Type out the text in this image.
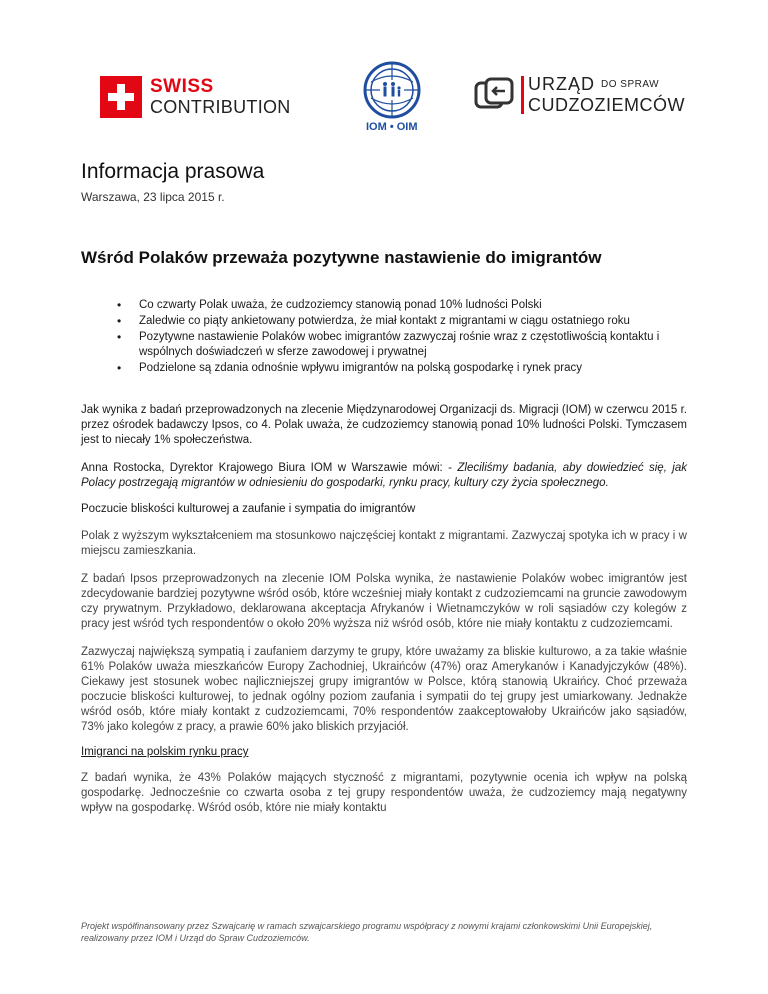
SWISS
CONTRIBUTION
IOM • OIM
URZĄD DO SPRAW
CUDZOZIEMCÓW
Informacja prasowa
Warszawa, 23 lipca 2015 r.
Wśród Polaków przeważa pozytywne nastawienie do imigrantów
• Co czwarty Polak uważa, że cudzoziemcy stanowią ponad 10% ludności Polski
• Zaledwie co piąty ankietowany potwierdza, że miał kontakt z migrantami w ciągu ostatniego roku
• Pozytywne nastawienie Polaków wobec imigrantów zazwyczaj rośnie wraz z częstotliwością kontaktu i wspólnych doświadczeń w sferze zawodowej i prywatnej
• Podzielone są zdania odnośnie wpływu imigrantów na polską gospodarkę i rynek pracy

Jak wynika z badań przeprowadzonych na zlecenie Międzynarodowej Organizacji ds. Migracji (IOM) w czerwcu 2015 r. przez ośrodek badawczy Ipsos, co 4. Polak uważa, że cudzoziemcy stanowią ponad 10% ludności Polski. Tymczasem jest to niecały 1% społeczeństwa.

Anna Rostocka, Dyrektor Krajowego Biura IOM w Warszawie mówi: - Zleciliśmy badania, aby dowiedzieć się, jak Polacy postrzegają migrantów w odniesieniu do gospodarki, rynku pracy, kultury czy życia społecznego.

Poczucie bliskości kulturowej a zaufanie i sympatia do imigrantów

Polak z wyższym wykształceniem ma stosunkowo najczęściej kontakt z migrantami. Zazwyczaj spotyka ich w pracy i w miejscu zamieszkania.

Z badań Ipsos przeprowadzonych na zlecenie IOM Polska wynika, że nastawienie Polaków wobec imigrantów jest zdecydowanie bardziej pozytywne wśród osób, które wcześniej miały kontakt z cudzoziemcami na gruncie zawodowym czy prywatnym. Przykładowo, deklarowana akceptacja Afrykanów i Wietnamczyków w roli sąsiadów czy kolegów z pracy jest wśród tych respondentów o około 20% wyższa niż wśród osób, które nie miały kontaktu z cudzoziemcami.

Zazwyczaj największą sympatią i zaufaniem darzymy te grupy, które uważamy za bliskie kulturowo, a za takie właśnie 61% Polaków uważa mieszkańców Europy Zachodniej, Ukraińców (47%) oraz Amerykanów i Kanadyjczyków (48%). Ciekawy jest stosunek wobec najliczniejszej grupy imigrantów w Polsce, którą stanowią Ukraińcy. Choć przeważa poczucie bliskości kulturowej, to jednak ogólny poziom zaufania i sympatii do tej grupy jest umiarkowany. Jednakże wśród osób, które miały kontakt z cudzoziemcami, 70% respondentów zaakceptowałoby Ukraińców jako sąsiadów, 73% jako kolegów z pracy, a prawie 60% jako bliskich przyjaciół.

Imigranci na polskim rynku pracy

Z badań wynika, że 43% Polaków mających styczność z migrantami, pozytywnie ocenia ich wpływ na polską gospodarkę. Jednocześnie co czwarta osoba z tej grupy respondentów uważa, że cudzoziemcy mają negatywny wpływ na gospodarkę. Wśród osób, które nie miały kontaktu

Projekt współfinansowany przez Szwajcarię w ramach szwajcarskiego programu współpracy z nowymi krajami członkowskimi Unii Europejskiej, realizowany przez IOM i Urząd do Spraw Cudzoziemców.
